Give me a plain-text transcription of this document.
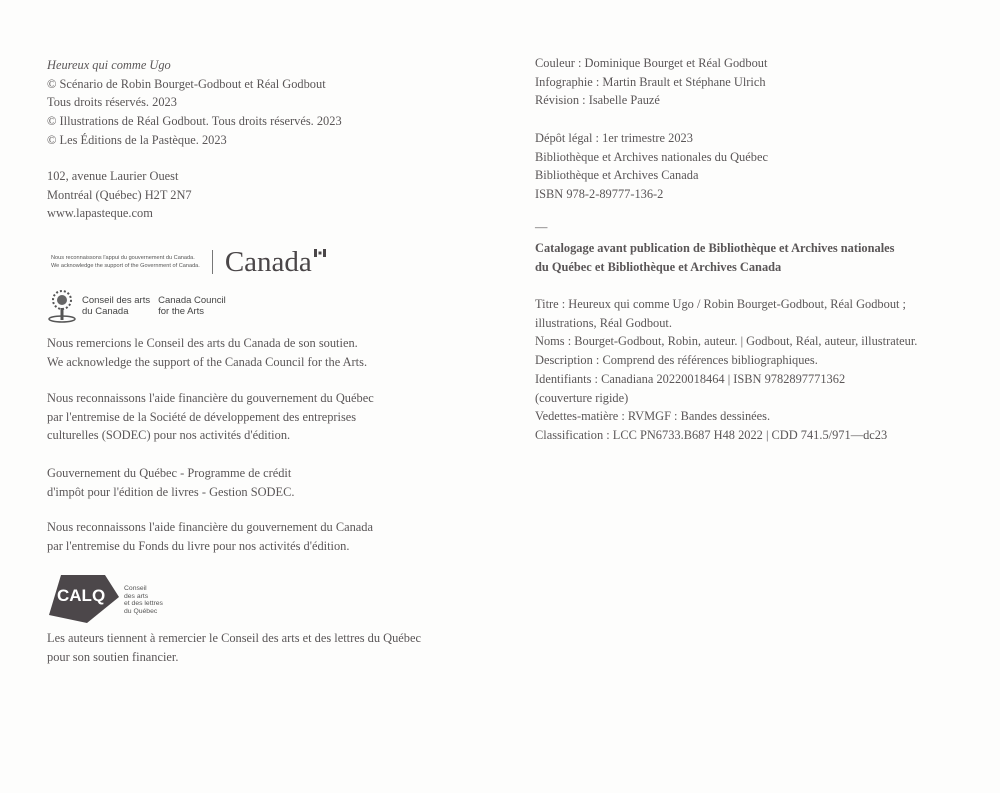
Heureux qui comme Ugo
© Scénario de Robin Bourget-Godbout et Réal Godbout
Tous droits réservés. 2023
© Illustrations de Réal Godbout. Tous droits réservés. 2023
© Les Éditions de la Pastèque. 2023
102, avenue Laurier Ouest
Montréal (Québec) H2T 2N7
www.lapasteque.com
Nous reconnaissons l'appui du gouvernement du Canada.
We acknowledge the support of the Government of Canada. Canada
Conseil des arts
du Canada
Canada Council
for the Arts
Nous remercions le Conseil des arts du Canada de son soutien.
We acknowledge the support of the Canada Council for the Arts.
Nous reconnaissons l'aide financière du gouvernement du Québec
par l'entremise de la Société de développement des entreprises
culturelles (SODEC) pour nos activités d'édition.
Gouvernement du Québec - Programme de crédit
d'impôt pour l'édition de livres - Gestion SODEC.
Nous reconnaissons l'aide financière du gouvernement du Canada
par l'entremise du Fonds du livre pour nos activités d'édition.
CALQ	Conseil
des arts
et des lettres
du Québec
Les auteurs tiennent à remercier le Conseil des arts et des lettres du Québec
pour son soutien financier.
Couleur : Dominique Bourget et Réal Godbout
Infographie : Martin Brault et Stéphane Ulrich
Révision : Isabelle Pauzé
Dépôt légal : 1er trimestre 2023
Bibliothèque et Archives nationales du Québec
Bibliothèque et Archives Canada
ISBN 978-2-89777-136-2
—
Catalogage avant publication de Bibliothèque et Archives nationales
du Québec et Bibliothèque et Archives Canada
Titre : Heureux qui comme Ugo / Robin Bourget-Godbout, Réal Godbout ;
illustrations, Réal Godbout.
Noms : Bourget-Godbout, Robin, auteur. | Godbout, Réal, auteur, illustrateur.
Description : Comprend des références bibliographiques.
Identifiants : Canadiana 20220018464 | ISBN 9782897771362
(couverture rigide)
Vedettes-matière : RVMGF : Bandes dessinées.
Classification : LCC PN6733.B687 H48 2022 | CDD 741.5/971—dc23
